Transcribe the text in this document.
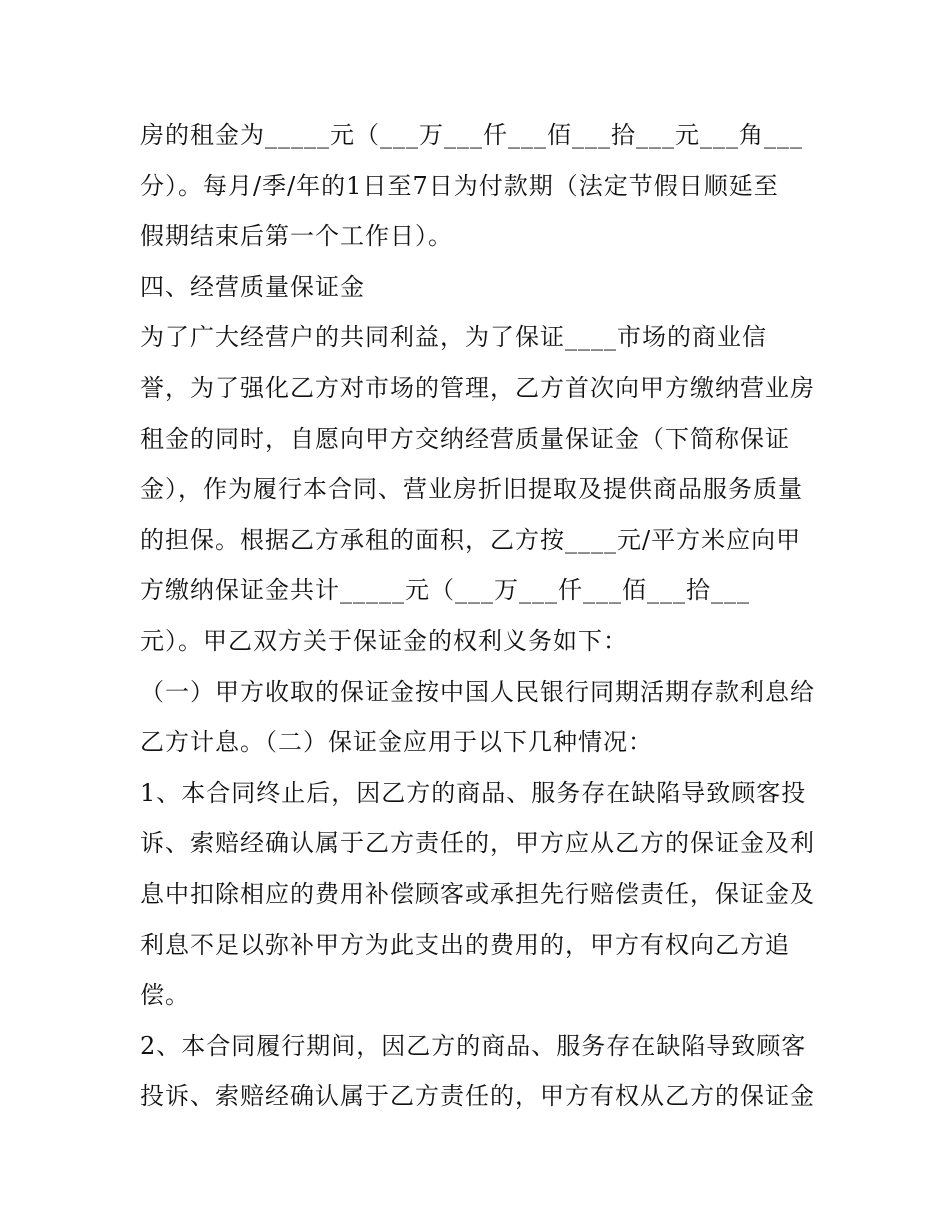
房的租金为_____元（___万___仟___佰___拾___元___角___
分）。每月/季/年的1日至7日为付款期（法定节假日顺延至
假期结束后第一个工作日）。
四、经营质量保证金
为了广大经营户的共同利益，为了保证____市场的商业信
誉，为了强化乙方对市场的管理，乙方首次向甲方缴纳营业房
租金的同时，自愿向甲方交纳经营质量保证金（下简称保证
金），作为履行本合同、营业房折旧提取及提供商品服务质量
的担保。根据乙方承租的面积，乙方按____元/平方米应向甲
方缴纳保证金共计_____元（___万___仟___佰___拾___
元）。甲乙双方关于保证金的权利义务如下：
（一）甲方收取的保证金按中国人民银行同期活期存款利息给
乙方计息。（二）保证金应用于以下几种情况：
1、本合同终止后，因乙方的商品、服务存在缺陷导致顾客投
诉、索赔经确认属于乙方责任的，甲方应从乙方的保证金及利
息中扣除相应的费用补偿顾客或承担先行赔偿责任，保证金及
利息不足以弥补甲方为此支出的费用的，甲方有权向乙方追
偿。
2、本合同履行期间，因乙方的商品、服务存在缺陷导致顾客
投诉、索赔经确认属于乙方责任的，甲方有权从乙方的保证金
